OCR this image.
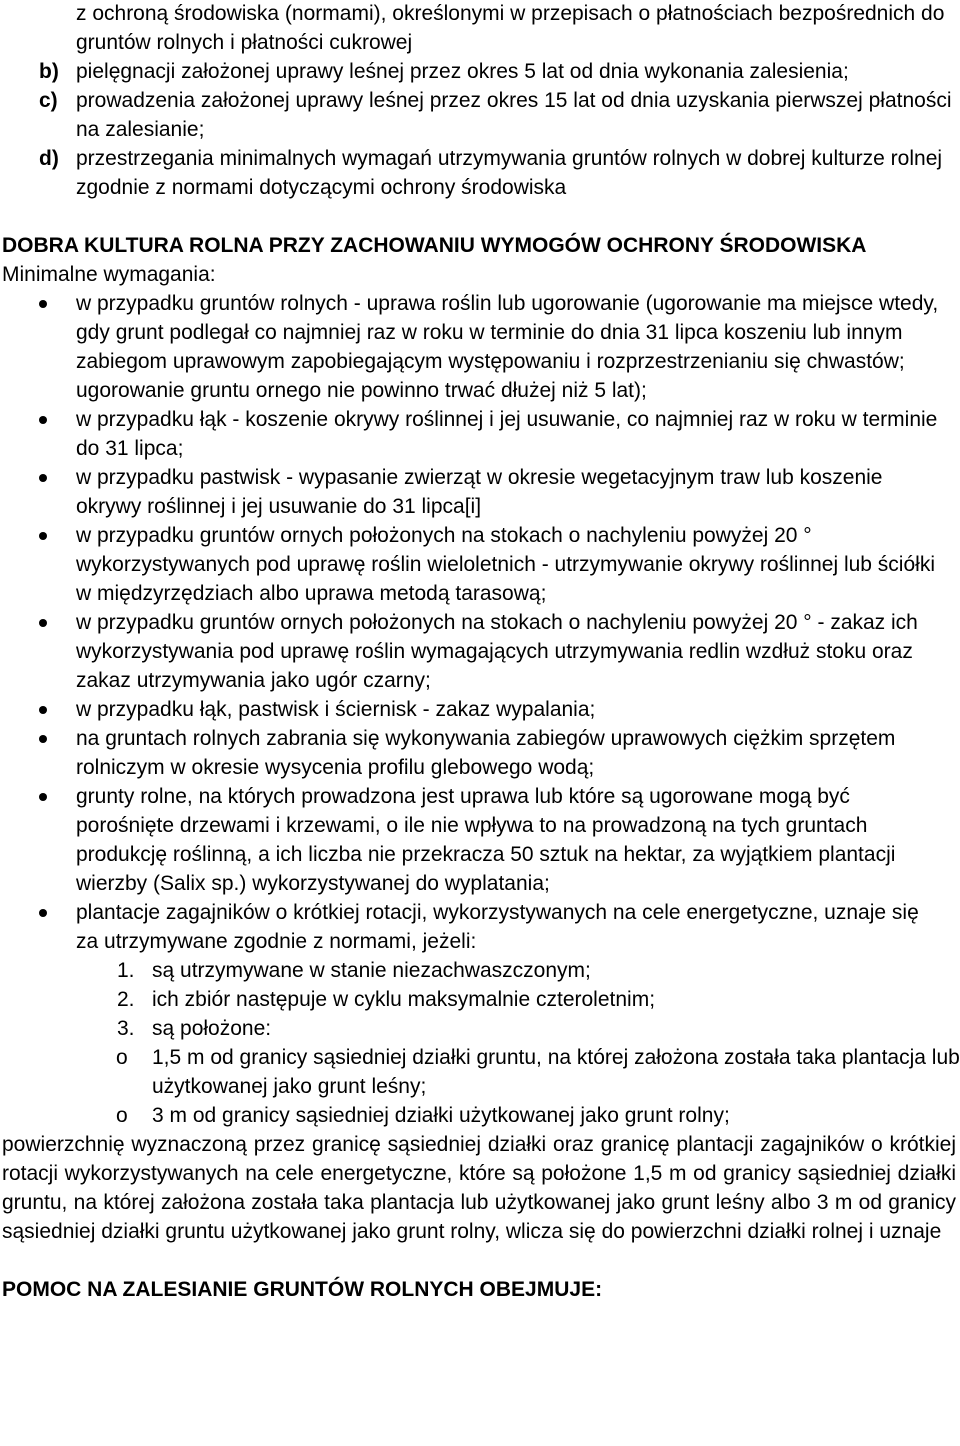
z ochroną środowiska (normami), określonymi w przepisach o płatnościach bezpośrednich do gruntów rolnych i płatności cukrowej
b) pielęgnacji założonej uprawy leśnej przez okres 5 lat od dnia wykonania zalesienia;
c) prowadzenia założonej uprawy leśnej przez okres 15 lat od dnia uzyskania pierwszej płatności na zalesianie;
d) przestrzegania minimalnych wymagań utrzymywania gruntów rolnych w dobrej kulturze rolnej zgodnie z normami dotyczącymi ochrony środowiska
DOBRA KULTURA ROLNA PRZY ZACHOWANIU WYMOGÓW OCHRONY ŚRODOWISKA
Minimalne wymagania:
w przypadku gruntów rolnych - uprawa roślin lub ugorowanie (ugorowanie ma miejsce wtedy, gdy grunt podlegał co najmniej raz w roku w terminie do dnia 31 lipca koszeniu lub innym zabiegom uprawowym zapobiegającym występowaniu i rozprzestrzenianiu się chwastów; ugorowanie gruntu ornego nie powinno trwać dłużej niż 5 lat);
w przypadku łąk - koszenie okrywy roślinnej i jej usuwanie, co najmniej raz w roku w terminie do 31 lipca;
w przypadku pastwisk - wypasanie zwierząt w okresie wegetacyjnym traw lub koszenie okrywy roślinnej i jej usuwanie do 31 lipca[i]
w przypadku gruntów ornych położonych na stokach o nachyleniu powyżej 20 ° wykorzystywanych pod uprawę roślin wieloletnich - utrzymywanie okrywy roślinnej lub ściółki w międzyrzędziach albo uprawa metodą tarasową;
w przypadku gruntów ornych położonych na stokach o nachyleniu powyżej 20 ° - zakaz ich wykorzystywania pod uprawę roślin wymagających utrzymywania redlin wzdłuż stoku oraz zakaz utrzymywania jako ugór czarny;
w przypadku łąk, pastwisk i ściernisk - zakaz wypalania;
na gruntach rolnych zabrania się wykonywania zabiegów uprawowych ciężkim sprzętem rolniczym w okresie wysycenia profilu glebowego wodą;
grunty rolne, na których prowadzona jest uprawa lub które są ugorowane mogą być porośnięte drzewami i krzewami, o ile nie wpływa to na prowadzoną na tych gruntach produkcję roślinną, a ich liczba nie przekracza 50 sztuk na hektar, za wyjątkiem plantacji wierzby (Salix sp.) wykorzystywanej do wyplatania;
plantacje zagajników o krótkiej rotacji, wykorzystywanych na cele energetyczne, uznaje się za utrzymywane zgodnie z normami, jeżeli:
1. są utrzymywane w stanie niezachwaszczonym;
2. ich zbiór następuje w cyklu maksymalnie czteroletnim;
3. są położone:
o 1,5 m od granicy sąsiedniej działki gruntu, na której założona została taka plantacja lub użytkowanej jako grunt leśny;
o 3 m od granicy sąsiedniej działki użytkowanej jako grunt rolny;

powierzchnię wyznaczoną przez granicę sąsiedniej działki oraz granicę plantacji zagajników o krótkiej rotacji wykorzystywanych na cele energetyczne, które są położone 1,5 m od granicy sąsiedniej działki gruntu, na której założona została taka plantacja lub użytkowanej jako grunt leśny albo 3 m od granicy sąsiedniej działki gruntu użytkowanej jako grunt rolny, wlicza się do powierzchni działki rolnej i uznaje

POMOC NA ZALESIANIE GRUNTÓW ROLNYCH OBEJMUJE:
